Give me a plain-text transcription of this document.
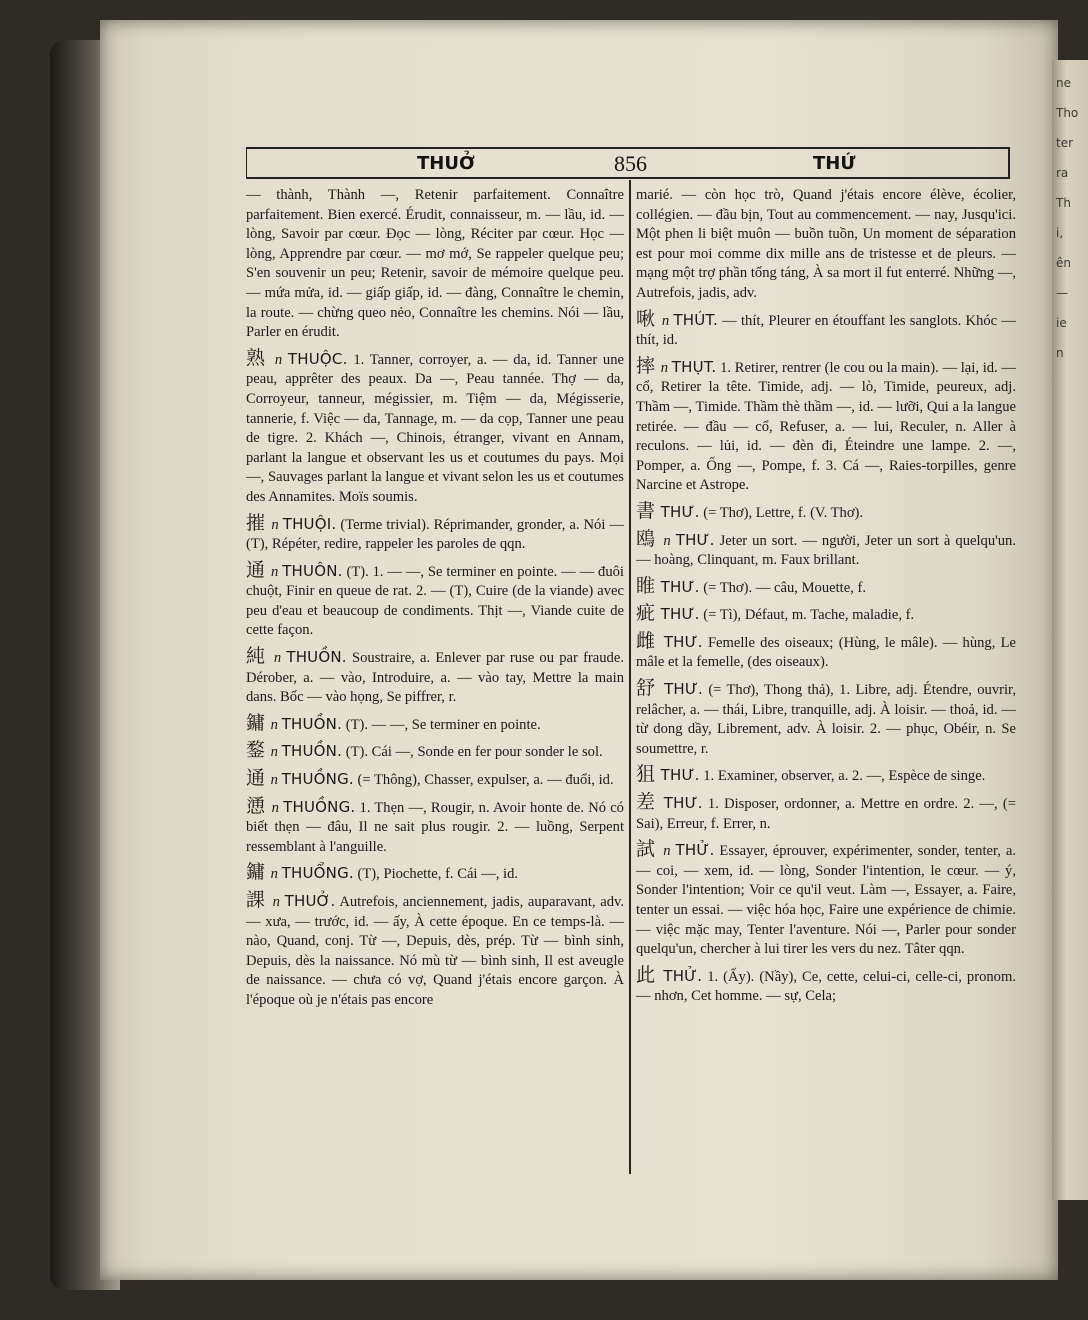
ne
Tho
ter
ra
Th
i,
ên
—
ie
n
THUỞ	856	THỨ
— thành, Thành —, Retenir parfaitement. Connaître parfaitement. Bien exercé. Érudit, connaisseur, m. — lầu, id. — lòng, Savoir par cœur. Đọc — lòng, Réciter par cœur. Học — lòng, Apprendre par cœur. — mơ mớ, Se rappeler quelque peu; S'en souvenir un peu; Retenir, savoir de mémoire quelque peu. — mứa mửa, id. — giấp giấp, id. — đàng, Connaître le chemin, la route. — chừng queo nẻo, Connaître les chemins. Nói — lầu, Parler en érudit.
熟 n THUỘC. 1. Tanner, corroyer, a. — da, id. Tanner une peau, apprêter des peaux. Da —, Peau tannée. Thợ — da, Corroyeur, tanneur, mégissier, m. Tiệm — da, Mégisserie, tannerie, f. Việc — da, Tannage, m. — da cọp, Tanner une peau de tigre. 2. Khách —, Chinois, étranger, vivant en Annam, parlant la langue et observant les us et coutumes du pays. Mọi —, Sauvages parlant la langue et vivant selon les us et coutumes des Annamites. Moïs soumis.
摧 n THUỘI. (Terme trivial). Réprimander, gronder, a. Nói — (T), Répéter, redire, rappeler les paroles de qqn.
通 n THUÔN. (T). 1. — —, Se terminer en pointe. — — đuôi chuột, Finir en queue de rat. 2. — (T), Cuire (de la viande) avec peu d'eau et beaucoup de condiments. Thịt —, Viande cuite de cette façon.
純 n THUỒN. Soustraire, a. Enlever par ruse ou par fraude. Dérober, a. — vào, Introduire, a. — vào tay, Mettre la main dans. Bốc — vào họng, Se piffrer, r.
鏞 n THUỒN. (T). — —, Se terminer en pointe.
鍪 n THUỒN. (T). Cái —, Sonde en fer pour sonder le sol.
通 n THUỒNG. (= Thông), Chasser, expulser, a. — đuổi, id.
慂 n THUỒNG. 1. Thẹn —, Rougir, n. Avoir honte de. Nó có biết thẹn — đâu, Il ne sait plus rougir. 2. — luồng, Serpent ressemblant à l'anguille.
鏞 n THUỔNG. (T), Piochette, f. Cái —, id.
課 n THUỞ. Autrefois, anciennement, jadis, auparavant, adv. — xưa, — trước, id. — ấy, À cette époque. En ce temps-là. — nào, Quand, conj. Từ —, Depuis, dès, prép. Từ — bình sinh, Depuis, dès la naissance. Nó mù từ — bình sinh, Il est aveugle de naissance. — chưa có vợ, Quand j'étais encore garçon. À l'époque où je n'étais pas encore
marié. — còn học trò, Quand j'étais encore élève, écolier, collégien. — đầu bịn, Tout au commencement. — nay, Jusqu'ici. Một phen li biệt muôn — buồn tuồn, Un moment de séparation est pour moi comme dix mille ans de tristesse et de pleurs. — mạng một trợ phần tống táng, À sa mort il fut enterré. Những —, Autrefois, jadis, adv.
啾 n THÚT. — thít, Pleurer en étouffant les sanglots. Khóc — thít, id.
摔 n THỤT. 1. Retirer, rentrer (le cou ou la main). — lại, id. — cổ, Retirer la tête. Timide, adj. — lò, Timide, peureux, adj. Thầm —, Timide. Thầm thè thầm —, id. — lưỡi, Qui a la langue retirée. — đầu — cổ, Refuser, a. — lui, Reculer, n. Aller à reculons. — lủi, id. — đèn đi, Éteindre une lampe. 2. —, Pomper, a. Ống —, Pompe, f. 3. Cá —, Raies-torpilles, genre Narcine et Astrope.
書 THƯ. (= Thơ), Lettre, f. (V. Thơ).
鴎 n THƯ. Jeter un sort. — người, Jeter un sort à quelqu'un. — hoàng, Clinquant, m. Faux brillant.
睢 THƯ. (= Thơ). — câu, Mouette, f.
疵 THƯ. (= Tì), Défaut, m. Tache, maladie, f.
雌 THƯ. Femelle des oiseaux; (Hùng, le mâle). — hùng, Le mâle et la femelle, (des oiseaux).
舒 THƯ. (= Thơ), Thong thả), 1. Libre, adj. Étendre, ouvrir, relâcher, a. — thái, Libre, tranquille, adj. À loisir. — thoả, id. — từ dong dầy, Librement, adv. À loisir. 2. — phục, Obéir, n. Se soumettre, r.
狙 THƯ. 1. Examiner, observer, a. 2. —, Espèce de singe.
差 THƯ. 1. Disposer, ordonner, a. Mettre en ordre. 2. —, (= Sai), Erreur, f. Errer, n.
試 n THỬ. Essayer, éprouver, expérimenter, sonder, tenter, a. — coi, — xem, id. — lòng, Sonder l'intention, le cœur. — ý, Sonder l'intention; Voir ce qu'il veut. Làm —, Essayer, a. Faire, tenter un essai. — việc hóa học, Faire une expérience de chimie. — việc mặc may, Tenter l'aventure. Nói —, Parler pour sonder quelqu'un, chercher à lui tirer les vers du nez. Tâter qqn.
此 THỬ. 1. (Ấy). (Nầy), Ce, cette, celui-ci, celle-ci, pronom. — nhơn, Cet homme. — sự, Cela;
